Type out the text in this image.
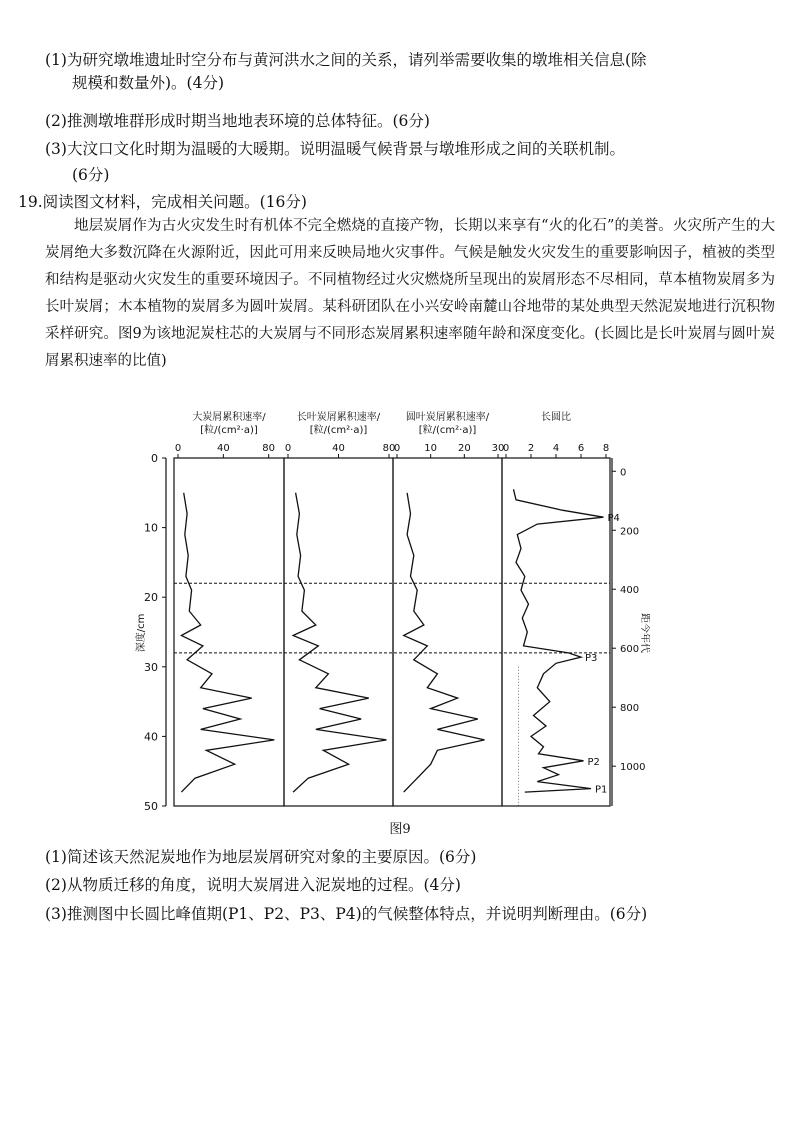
(1)为研究墩堆遗址时空分布与黄河洪水之间的关系，请列举需要收集的墩堆相关信息(除
规模和数量外)。(4分)
(2)推测墩堆群形成时期当地地表环境的总体特征。(6分)
(3)大汶口文化时期为温暖的大暖期。说明温暖气候背景与墩堆形成之间的关联机制。
(6分)
19.阅读图文材料，完成相关问题。(16分)

地层炭屑作为古火灾发生时有机体不完全燃烧的直接产物，长期以来享有“火的化石”的美誉。火灾所产生的大炭屑绝大多数沉降在火源附近，因此可用来反映局地火灾事件。气候是触发火灾发生的重要影响因子，植被的类型和结构是驱动火灾发生的重要环境因子。不同植物经过火灾燃烧所呈现出的炭屑形态不尽相同，草本植物炭屑多为长叶炭屑；木本植物的炭屑多为圆叶炭屑。某科研团队在小兴安岭南麓山谷地带的某处典型天然泥炭地进行沉积物采样研究。图9为该地泥炭柱芯的大炭屑与不同形态炭屑累积速率随年龄和深度变化。(长圆比是长叶炭屑与圆叶炭屑累积速率的比值)

0
10
20
30
40
50
深度/cm
0
200
400
600
800
1000
距今年代
大炭屑累积速率/
[粒/(cm²·a)]
0	40	80
长叶炭屑累积速率/
[粒/(cm²·a)]
0	40	80
圆叶炭屑累积速率/
[粒/(cm²·a)]
0 10 20 30
长圆比
0 2 4 6 8
P4
P3
P2
P1
图9
(1)简述该天然泥炭地作为地层炭屑研究对象的主要原因。(6分)
(2)从物质迁移的角度，说明大炭屑进入泥炭地的过程。(4分)
(3)推测图中长圆比峰值期(P1、P2、P3、P4)的气候整体特点，并说明判断理由。(6分)
